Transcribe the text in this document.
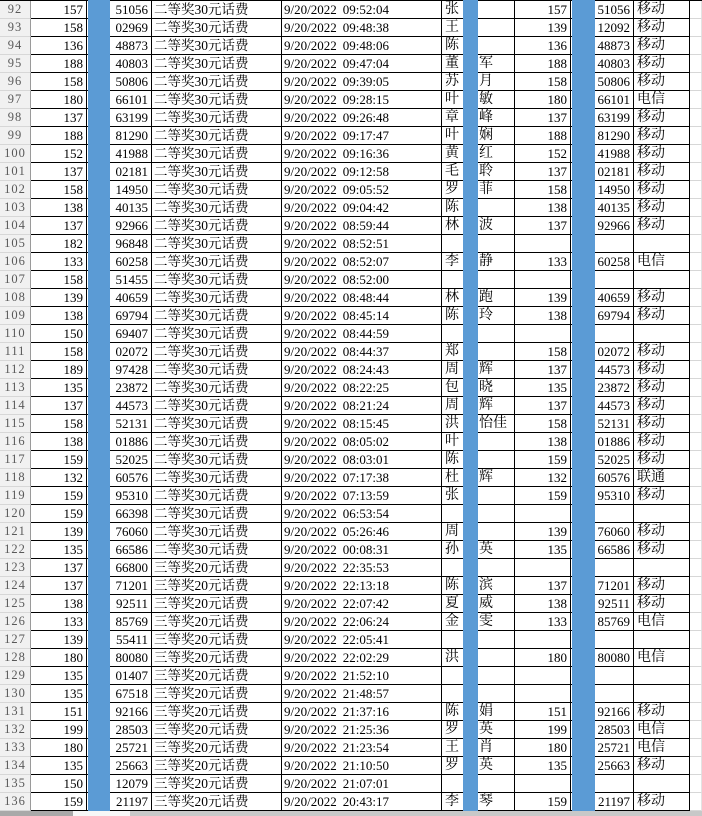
92	157	51056 二等奖30元话费	9/20/2022 09:52:04	张	157	51056 移动
93	158	02969 二等奖30元话费	9/20/2022 09:48:38	王	139	12092 移动
94	136	48873 二等奖30元话费	9/20/2022 09:48:06	陈	136	48873 移动
95	188	40803 二等奖30元话费	9/20/2022 09:47:04	董 军	188	40803 移动
96	158	50806 二等奖30元话费	9/20/2022 09:39:05	苏 月	158	50806 移动
97	180	66101 二等奖30元话费	9/20/2022 09:28:15	叶 敏	180	66101 电信
98	137	63199 二等奖30元话费	9/20/2022 09:26:48	章 峰	137	63199 移动
99	188	81290 二等奖30元话费	9/20/2022 09:17:47	叶 娴	188	81290 移动
100	152	41988 二等奖30元话费	9/20/2022 09:16:36	黄 红	152	41988 移动
101	137	02181 二等奖30元话费	9/20/2022 09:12:58	毛 聆	137	02181 移动
102	158	14950 二等奖30元话费	9/20/2022 09:05:52	罗 菲	158	14950 移动
103	138	40135 二等奖30元话费	9/20/2022 09:04:42	陈	138	40135 移动
104	137	92966 二等奖30元话费	9/20/2022 08:59:44	林 波	137	92966 移动
105	182	96848 二等奖30元话费	9/20/2022 08:52:51
106	133	60258 二等奖30元话费	9/20/2022 08:52:07	李 静	133	60258 电信
107	158	51455 二等奖30元话费	9/20/2022 08:52:00
108	139	40659 二等奖30元话费	9/20/2022 08:48:44	林 跑	139	40659 移动
109	138	69794 二等奖30元话费	9/20/2022 08:45:14	陈 玲	138	69794 移动
110	150	69407 二等奖30元话费	9/20/2022 08:44:59
111	158	02072 二等奖30元话费	9/20/2022 08:44:37	郑	158	02072 移动
112	189	97428 二等奖30元话费	9/20/2022 08:24:43	周 辉	137	44573 移动
113	135	23872 二等奖30元话费	9/20/2022 08:22:25	包 晓	135	23872 移动
114	137	44573 二等奖30元话费	9/20/2022 08:21:24	周 辉	137	44573 移动
115	158	52131 二等奖30元话费	9/20/2022 08:15:45	洪 怡佳	158	52131 移动
116	138	01886 二等奖30元话费	9/20/2022 08:05:02	叶	138	01886 移动
117	159	52025 二等奖30元话费	9/20/2022 08:03:01	陈	159	52025 移动
118	132	60576 二等奖30元话费	9/20/2022 07:17:38	杜 辉	132	60576 联通
119	159	95310 二等奖30元话费	9/20/2022 07:13:59	张	159	95310 移动
120	159	66398 二等奖30元话费	9/20/2022 06:53:54
121	139	76060 二等奖30元话费	9/20/2022 05:26:46	周	139	76060 移动
122	135	66586 二等奖30元话费	9/20/2022 00:08:31	孙 英	135	66586 移动
123	137	66800 三等奖20元话费	9/20/2022 22:35:53
124	137	71201 三等奖20元话费	9/20/2022 22:13:18	陈 滨	137	71201 移动
125	138	92511 三等奖20元话费	9/20/2022 22:07:42	夏 威	138	92511 移动
126	133	85769 三等奖20元话费	9/20/2022 22:06:24	金 雯	133	85769 电信
127	139	55411 三等奖20元话费	9/20/2022 22:05:41
128	180	80080 三等奖20元话费	9/20/2022 22:02:29	洪	180	80080 电信
129	135	01407 三等奖20元话费	9/20/2022 21:52:10
130	135	67518 三等奖20元话费	9/20/2022 21:48:57
131	151	92166 三等奖20元话费	9/20/2022 21:37:16	陈 娟	151	92166 移动
132	199	28503 三等奖20元话费	9/20/2022 21:25:36	罗 英	199	28503 电信
133	180	25721 三等奖20元话费	9/20/2022 21:23:54	王 肖	180	25721 电信
134	135	25663 三等奖20元话费	9/20/2022 21:10:50	罗 英	135	25663 移动
135	150	12079 三等奖20元话费	9/20/2022 21:07:01
136	159	21197 三等奖20元话费	9/20/2022 20:43:17	李 琴	159	21197 移动
